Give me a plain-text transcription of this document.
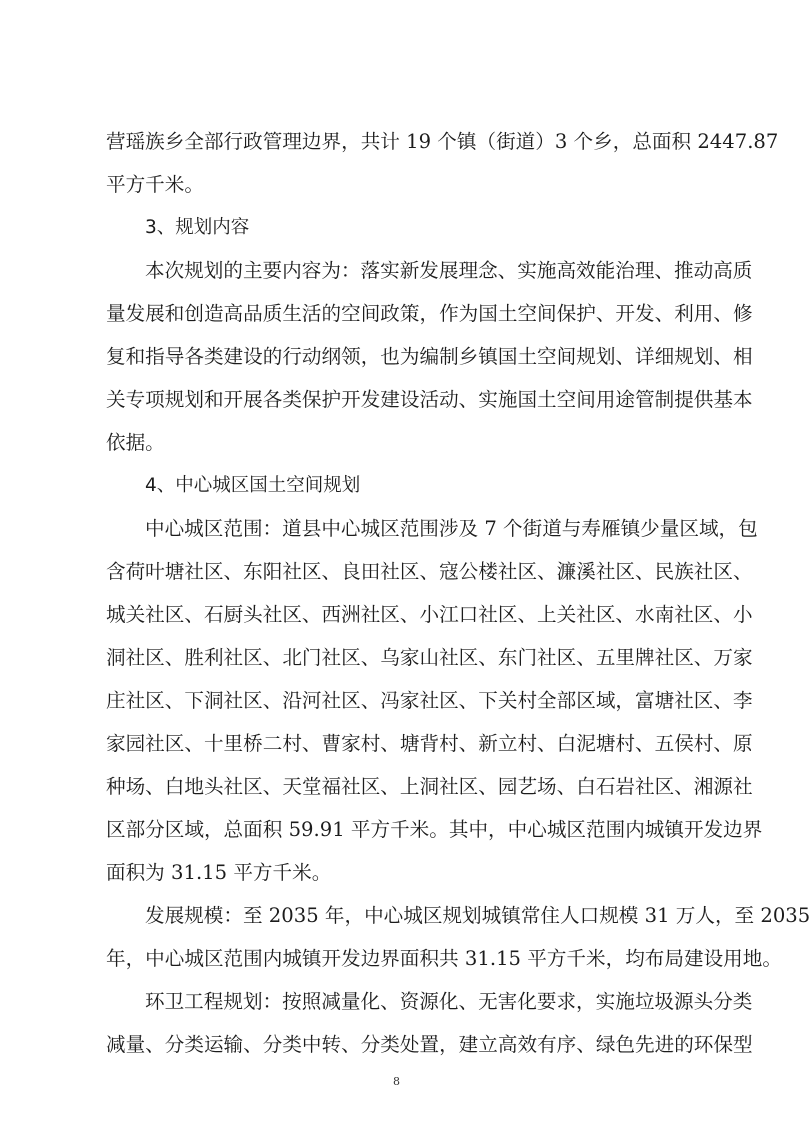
营瑶族乡全部行政管理边界，共计 19 个镇（街道）3 个乡，总面积 2447.87
平方千米。
3、规划内容
本次规划的主要内容为：落实新发展理念、实施高效能治理、推动高质
量发展和创造高品质生活的空间政策，作为国土空间保护、开发、利用、修
复和指导各类建设的行动纲领，也为编制乡镇国土空间规划、详细规划、相
关专项规划和开展各类保护开发建设活动、实施国土空间用途管制提供基本
依据。
4、中心城区国土空间规划
中心城区范围：道县中心城区范围涉及 7 个街道与寿雁镇少量区域，包
含荷叶塘社区、东阳社区、良田社区、寇公楼社区、濂溪社区、民族社区、
城关社区、石厨头社区、西洲社区、小江口社区、上关社区、水南社区、小
洞社区、胜利社区、北门社区、乌家山社区、东门社区、五里牌社区、万家
庄社区、下洞社区、沿河社区、冯家社区、下关村全部区域，富塘社区、李
家园社区、十里桥二村、曹家村、塘背村、新立村、白泥塘村、五侯村、原
种场、白地头社区、天堂福社区、上洞社区、园艺场、白石岩社区、湘源社
区部分区域，总面积 59.91 平方千米。其中，中心城区范围内城镇开发边界
面积为 31.15 平方千米。
发展规模：至 2035 年，中心城区规划城镇常住人口规模 31 万人，至 2035
年，中心城区范围内城镇开发边界面积共 31.15 平方千米，均布局建设用地。
环卫工程规划：按照减量化、资源化、无害化要求，实施垃圾源头分类
减量、分类运输、分类中转、分类处置，建立高效有序、绿色先进的环保型
8
